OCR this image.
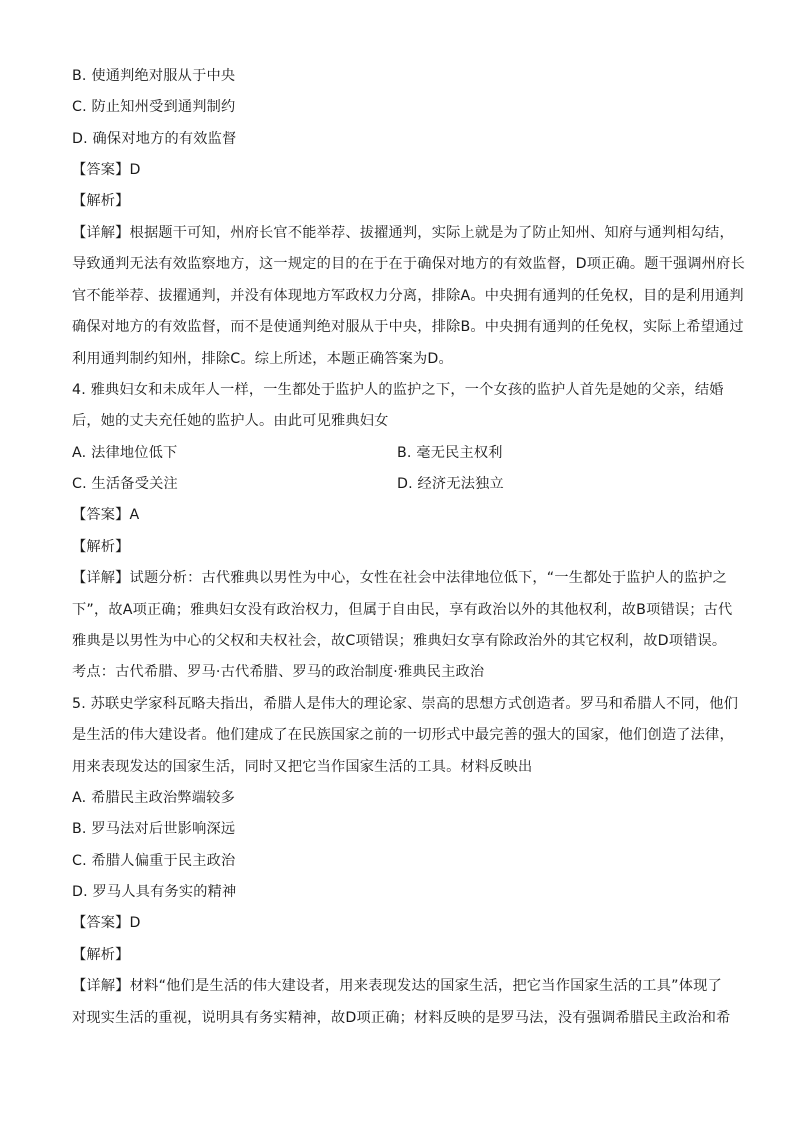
B. 使通判绝对服从于中央
C. 防止知州受到通判制约
D. 确保对地方的有效监督
【答案】D
【解析】
【详解】根据题干可知，州府长官不能举荐、拔擢通判，实际上就是为了防止知州、知府与通判相勾结，
导致通判无法有效监察地方，这一规定的目的在于在于确保对地方的有效监督，D项正确。题干强调州府长
官不能举荐、拔擢通判，并没有体现地方军政权力分离，排除A。中央拥有通判的任免权，目的是利用通判
确保对地方的有效监督，而不是使通判绝对服从于中央，排除B。中央拥有通判的任免权，实际上希望通过
利用通判制约知州，排除C。综上所述，本题正确答案为D。
4. 雅典妇女和未成年人一样，一生都处于监护人的监护之下，一个女孩的监护人首先是她的父亲，结婚
后，她的丈夫充任她的监护人。由此可见雅典妇女
A. 法律地位低下	B. 毫无民主权利
C. 生活备受关注	D. 经济无法独立
【答案】A
【解析】
【详解】试题分析：古代雅典以男性为中心，女性在社会中法律地位低下，“一生都处于监护人的监护之
下”，故A项正确；雅典妇女没有政治权力，但属于自由民，享有政治以外的其他权利，故B项错误；古代
雅典是以男性为中心的父权和夫权社会，故C项错误；雅典妇女享有除政治外的其它权利，故D项错误。
考点：古代希腊、罗马·古代希腊、罗马的政治制度·雅典民主政治
5. 苏联史学家科瓦略夫指出，希腊人是伟大的理论家、崇高的思想方式创造者。罗马和希腊人不同，他们
是生活的伟大建设者。他们建成了在民族国家之前的一切形式中最完善的强大的国家，他们创造了法律，
用来表现发达的国家生活，同时又把它当作国家生活的工具。材料反映出
A. 希腊民主政治弊端较多
B. 罗马法对后世影响深远
C. 希腊人偏重于民主政治
D. 罗马人具有务实的精神
【答案】D
【解析】
【详解】材料“他们是生活的伟大建设者，用来表现发达的国家生活，把它当作国家生活的工具”体现了
对现实生活的重视，说明具有务实精神，故D项正确；材料反映的是罗马法，没有强调希腊民主政治和希
